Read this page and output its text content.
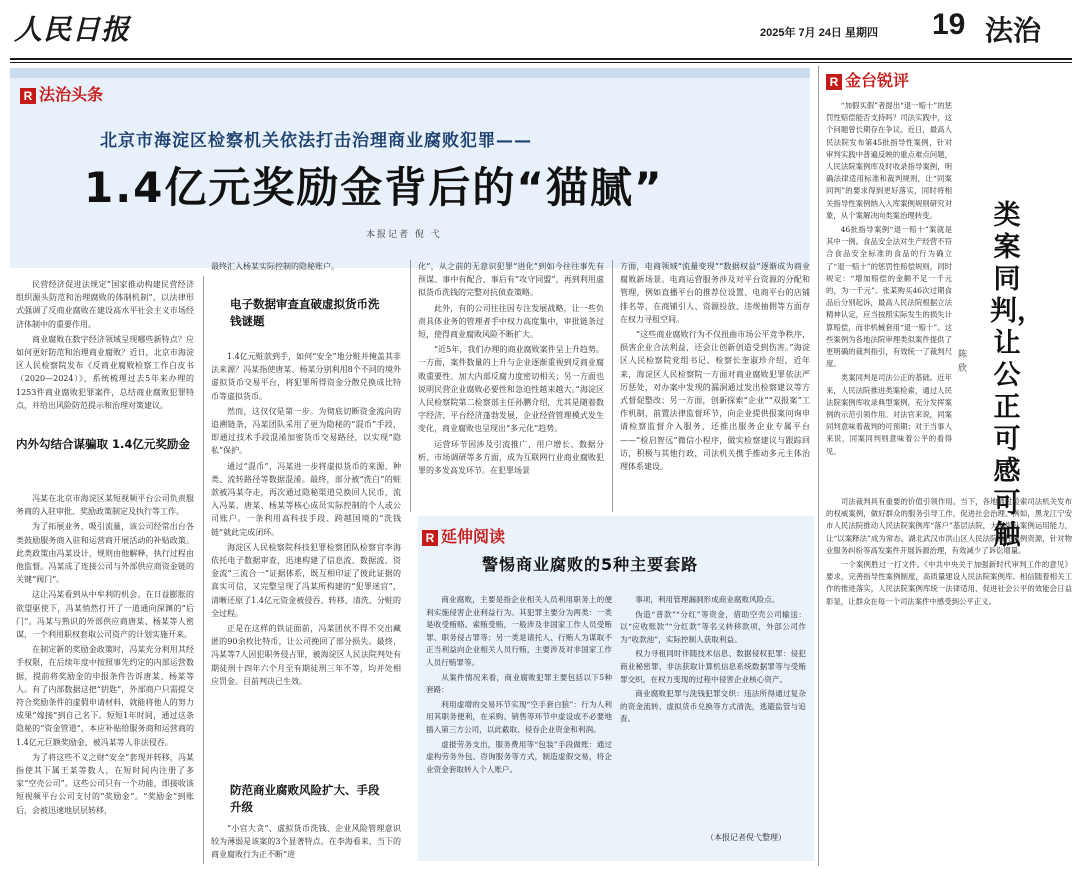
人民日报	2025年 7月 24日 星期四 19 法治
R 法治头条
北京市海淀区检察机关依法打击治理商业腐败犯罪——
1.4亿元奖励金背后的“猫腻”
本报记者 倪 弋

民营经济促进法规定“国家推动构建民营经济组织源头防范和治理腐败的体制机制”，以法律形式强调了反商业腐败在建设高水平社会主义市场经济体制中的重要作用。

商业腐败在数字经济领域呈现哪些新特点？应如何更好防范和治理商业腐败？近日，北京市海淀区人民检察院发布《反商业腐败检察工作白皮书（2020—2024）》，系统梳理过去5年来办理的1253件商业腐败犯罪案件，总结商业腐败犯罪特点，并给出风险防范提示和治理对策建议。

内外勾结合谋骗取 1.4亿元奖励金

冯某在北京市海淀区某短视频平台公司负责服务商的入驻审批、奖励政策制定及执行等工作。

为了拓展业务、吸引流量，该公司经常出台各类鼓励服务商入驻和运营商开展活动的补贴政策。此类政策由冯某设计，规则由他解释，执行过程由他监督。冯某成了连接公司与外部供应商资金链的关键“阀门”。

这让冯某看到从中牟利的机会。在日益膨胀的欲望驱使下，冯某悄然打开了一道通向深渊的“后门”。冯某与熟识的外部供应商唐某、杨某等人密谋，一个利用职权套取公司资产的计划实施开来。

在制定新的奖励金政策时，冯某充分利用其经手权限，在后续年度中按照事先约定的内部运营数据，提前将奖励金的申报条件告诉唐某、杨某等人。有了内部数据这把“钥匙”，外部商户只需提交符合奖励条件的虚假申请材料，就能将他人的努力成果“嫁接”到自己名下。短短1年时间，通过这条隐秘的“资金管道”，本应补贴给服务商和运营商的1.4亿元巨额奖励金，被冯某等人非法侵吞。

为了将这些不义之财“安全”套现并转移，冯某指使其下属王某等数人，在短时间内注册了多家“空壳公司”。这些公司只有一个功能，即接收该短视频平台公司支付的“奖励金”。“奖励金”到账后，会被迅速地层层转移，

最终汇入杨某实际控制的隐秘账户。

电子数据审查直破虚拟货币洗钱谜题

1.4亿元赃款到手，如何“安全”地分赃并掩盖其非法来源？冯某指使唐某、杨某分别利用8个不同的境外虚拟货币交易平台，将犯罪所得资金分散兑换成比特币等虚拟货币。

然而，这仅仅是第一步。为彻底切断资金流向的追溯链条，冯某团队采用了更为隐秘的“混币”手段，即通过技术手段混淆加密货币交易路径，以实现“隐私”保护。

通过“混币”，冯某进一步将虚拟货币的来源、种类、流转路径等数据混淆。最终，部分被“洗白”的赃款被冯某夺走，再次通过隐秘渠道兑换回人民币，流入冯某、唐某、杨某等核心成员实际控制的个人或公司账户。一条利用高科技手段、跨越国境的“洗钱链”就此完成闭环。

海淀区人民检察院科技犯罪检察团队检察官李海依托电子数据审查，迅速构建了信息流、数据流、资金流“三流合一”证据体系，既互相印证了彼此证据的真实可信，又完整呈现了冯某所构建的“犯罪迷宫”，清晰还原了1.4亿元资金被侵吞、转移、清洗、分赃的全过程。

正是在这样的铁证面前，冯某团伙不得不交出藏匿的90余枚比特币，让公司挽回了部分损失。最终，冯某等7人因犯职务侵占罪，被海淀区人民法院判处有期徒刑十四年六个月至有期徒刑三年不等，均并处相应罚金。目前判决已生效。

防范商业腐败风险扩大、手段升级

“小官大贪”、虚拟货币洗钱、企业风险管理意识较为薄弱是该案的3个显著特点。在李海看来，当下的商业腐败行为正不断“进

化”，从之前的无意识犯罪“进化”到如今往往事先有预谋、事中有配合、事后有“攻守同盟”，再到利用虚拟货币洗钱的完整对抗侦查策略。

此外，有的公司往往因专注发展战略，让一些负责具体业务的管理者手中权力高度集中，审批链条过短，使得商业腐败风险不断扩大。

“近5年，我们办理的商业腐败案件呈上升趋势。一方面，案件数量的上升与企业逐渐重视到反商业腐败重要性、加大内部反腐力度密切相关；另一方面也说明民营企业腐败必要性和急迫性越来越大。”海淀区人民检察院第二检察部主任孙鹏介绍，尤其是随着数字经济、平台经济蓬勃发展，企业经营管理模式发生变化，商业腐败也呈现出“多元化”趋势。

运营环节因涉及引流推广、用户增长、数据分析、市场调研等多方面，成为互联网行业商业腐败犯罪的多发高发环节。在犯罪场景

方面，电商领域“流量变现”“数据权益”逐渐成为商业腐败新场景。电商运营服务涉及对平台资源的分配和管理，例如直播平台的推荐位设置、电商平台的店铺排名等，在商铺引人、资源投放、违规抽佣等方面存在权力寻租空间。

“这些商业腐败行为不仅扭曲市场公平竞争秩序，损害企业合法利益，还会让创新创造受到伤害。”海淀区人民检察院党组书记、检察长奎淑珍介绍，近年来，海淀区人民检察院一方面对商业腐败犯罪依法严厉惩处，对办案中发现的漏洞通过发出检察建议等方式督促整改；另一方面，创新探索“企业”“双报案”工作机制，前置法律监督环节，向企业提供报案问询申请检察监督介入服务，还推出服务企业专属平台——“检启智远”微信小程序，做实检察建议与跟踪回访，积极与其他行政，司法机关携手推动多元主体治理体系建设。

R 延伸阅读
警惕商业腐败的5种主要套路

商业腐败，主要是指企业相关人员利用职务上的便利实施侵害企业利益行为。其犯罪主要分为两类：一类是收受贿赂、索贿受贿，一般涉及非国家工作人员受贿罪、职务侵占罪等；另一类是请托人、行贿人为谋取不正当利益向企业相关人员行贿，主要涉及对非国家工作人员行贿罪等。

从案件情况来看，商业腐败犯罪主要包括以下5种套路：

利用虚增的交易环节实现“空手套白狼”：行为人利用其职务便利，在采购、销售等环节中虚设或不必要地插入第三方公司，以此截取、侵吞企业资金和利润。

虚报劳务支出，服务费用等“包装”手段做账：通过虚构劳务外包、咨询服务等方式，制造虚假交易，将企业资金套取转入个人账户。

事项，利用管理漏洞形成商业腐败风险点。

伪造“普款”“分红”等资金，借助空壳公司输送：以“应收账款”“分红款”等名义转移款项，外部公司作为“收款池”，实际控制人获取利益。

权力寻租同时伴随技术信息、数据侵权犯罪：侵犯商业秘密罪、非法获取计算机信息系统数据罪等与受贿罪交织，在权力变现的过程中侵害企业核心资产。

商业腐败犯罪与洗钱犯罪交织：违法所得通过复杂的资金流转、虚拟货币兑换等方式清洗，逃避监管与追查。

（本报记者倪弋整理）
R 金台锐评
类案同判，让公正可感可触
陈 欣

“加假买假”者提出“退一赔十”的惩罚性赔偿能否支持吗？司法实践中，这个问题曾长期存在争议。近日，最高人民法院发布第45批指导性案例，针对审判实践中普遍反映的重点难点问题，人民法院案例库及时收录指导案例，明确法律适用标准和裁判规则，让“同案同判”的要求得到更好落实，同时将相关指导性案例纳入入库案例规则研究对象，从个案解决向类案治理转变。

46批指导案例“退一赔十”案就是其中一例。食品安全法对生产经营不符合食品安全标准的食品的行为确立了“退一赔十”的惩罚性赔偿规则，同时规定：“增加赔偿的金额不足一千元的，为一千元”。张某购买46次过期食品后分别起诉，最高人民法院根据立法精神认定，应当按照实际发生的损失计算赔偿，而非机械套用“退一赔十”。这些案例为各地法院审理类似案件提供了更明确的裁判指引，有效统一了裁判尺度。

类案同判是司法公正的基础。近年来，人民法院推进类案检索，通过人民法院案例库收录典型案例，充分发挥案例的示范引领作用。对法官来说，同案同判意味着裁判的可预期；对于当事人来说，同案同判则意味着公平的看得见。

司法裁判具有重要的价值引领作用。当下，各地通过检索司法机关发布的权威案例，做好群众的服务引导工作，促进社会治理。例如，黑龙江宁安市人民法院推动人民法院案例库“落户”基层法院，大力提升案例运用能力，让“以案释法”成为常态。湖北武汉市洪山区人民法院依托案例资源，针对物业服务纠纷等高发案件开展诉源治理，有效减少了诉讼增量。

一个案例胜过一打文件。《中共中央关于加强新时代审判工作的意见》要求，完善指导性案例制度，高质量建设人民法院案例库。相信随着相关工作的推进落实，人民法院案例库统一法律适用、促进社会公平的效能会日益彰显，让群众在每一个司法案件中感受到公平正义。
